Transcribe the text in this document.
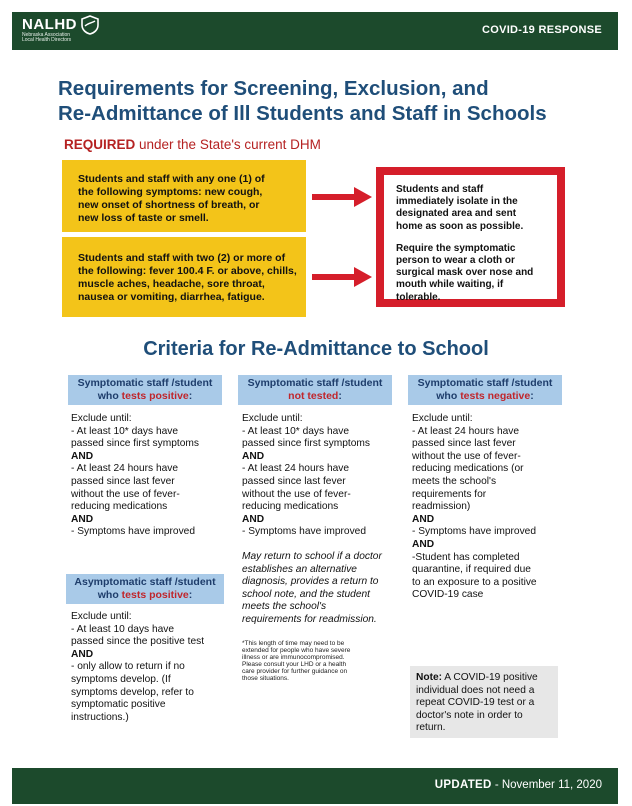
NALHD
Nebraska Association
Local Health Directors
COVID-19 RESPONSE
Requirements for Screening, Exclusion, and
Re-Admittance of Ill Students and Staff in Schools
REQUIRED under the State's current DHM
Students and staff with any one (1) of
the following symptoms: new cough,
new onset of shortness of breath, or
new loss of taste or smell.
Students and staff with two (2) or more of
the following: fever 100.4 F. or above, chills,
muscle aches, headache, sore throat,
nausea or vomiting, diarrhea, fatigue.

Students and staff
immediately isolate in the
designated area and sent
home as soon as possible.

Require the symptomatic
person to wear a cloth or
surgical mask over nose and
mouth while waiting, if
tolerable.

Criteria for Re-Admittance to School
Symptomatic staff /student
who tests positive:
Symptomatic staff /student
not tested:
Symptomatic staff /student
who tests negative:
Asymptomatic staff /student
who tests positive:
Exclude until:
- At least 10* days have
passed since first symptoms
AND
- At least 24 hours have
passed since last fever
without the use of fever-
reducing medications
AND
- Symptoms have improved
Exclude until:
- At least 10* days have
passed since first symptoms
AND
- At least 24 hours have
passed since last fever
without the use of fever-
reducing medications
AND
- Symptoms have improved
Exclude until:
- At least 24 hours have
passed since last fever
without the use of fever-
reducing medications (or
meets the school's
requirements for
readmission)
AND
- Symptoms have improved
AND
-Student has completed
quarantine, if required due
to an exposure to a positive
COVID-19 case
Exclude until:
- At least 10 days have
passed since the positive test
AND
- only allow to return if no
symptoms develop. (If
symptoms develop, refer to
symptomatic positive
instructions.)
May return to school if a doctor
establishes an alternative
diagnosis, provides a return to
school note, and the student
meets the school's
requirements for readmission.
*This length of time may need to be
extended for people who have severe
illness or are immunocompromised.
Please consult your LHD or a health
care provider for further guidance on
those situations.	Note: A COVID-19 positive
individual does not need a
repeat COVID-19 test or a
doctor's note in order to
return.
UPDATED - November 11, 2020
